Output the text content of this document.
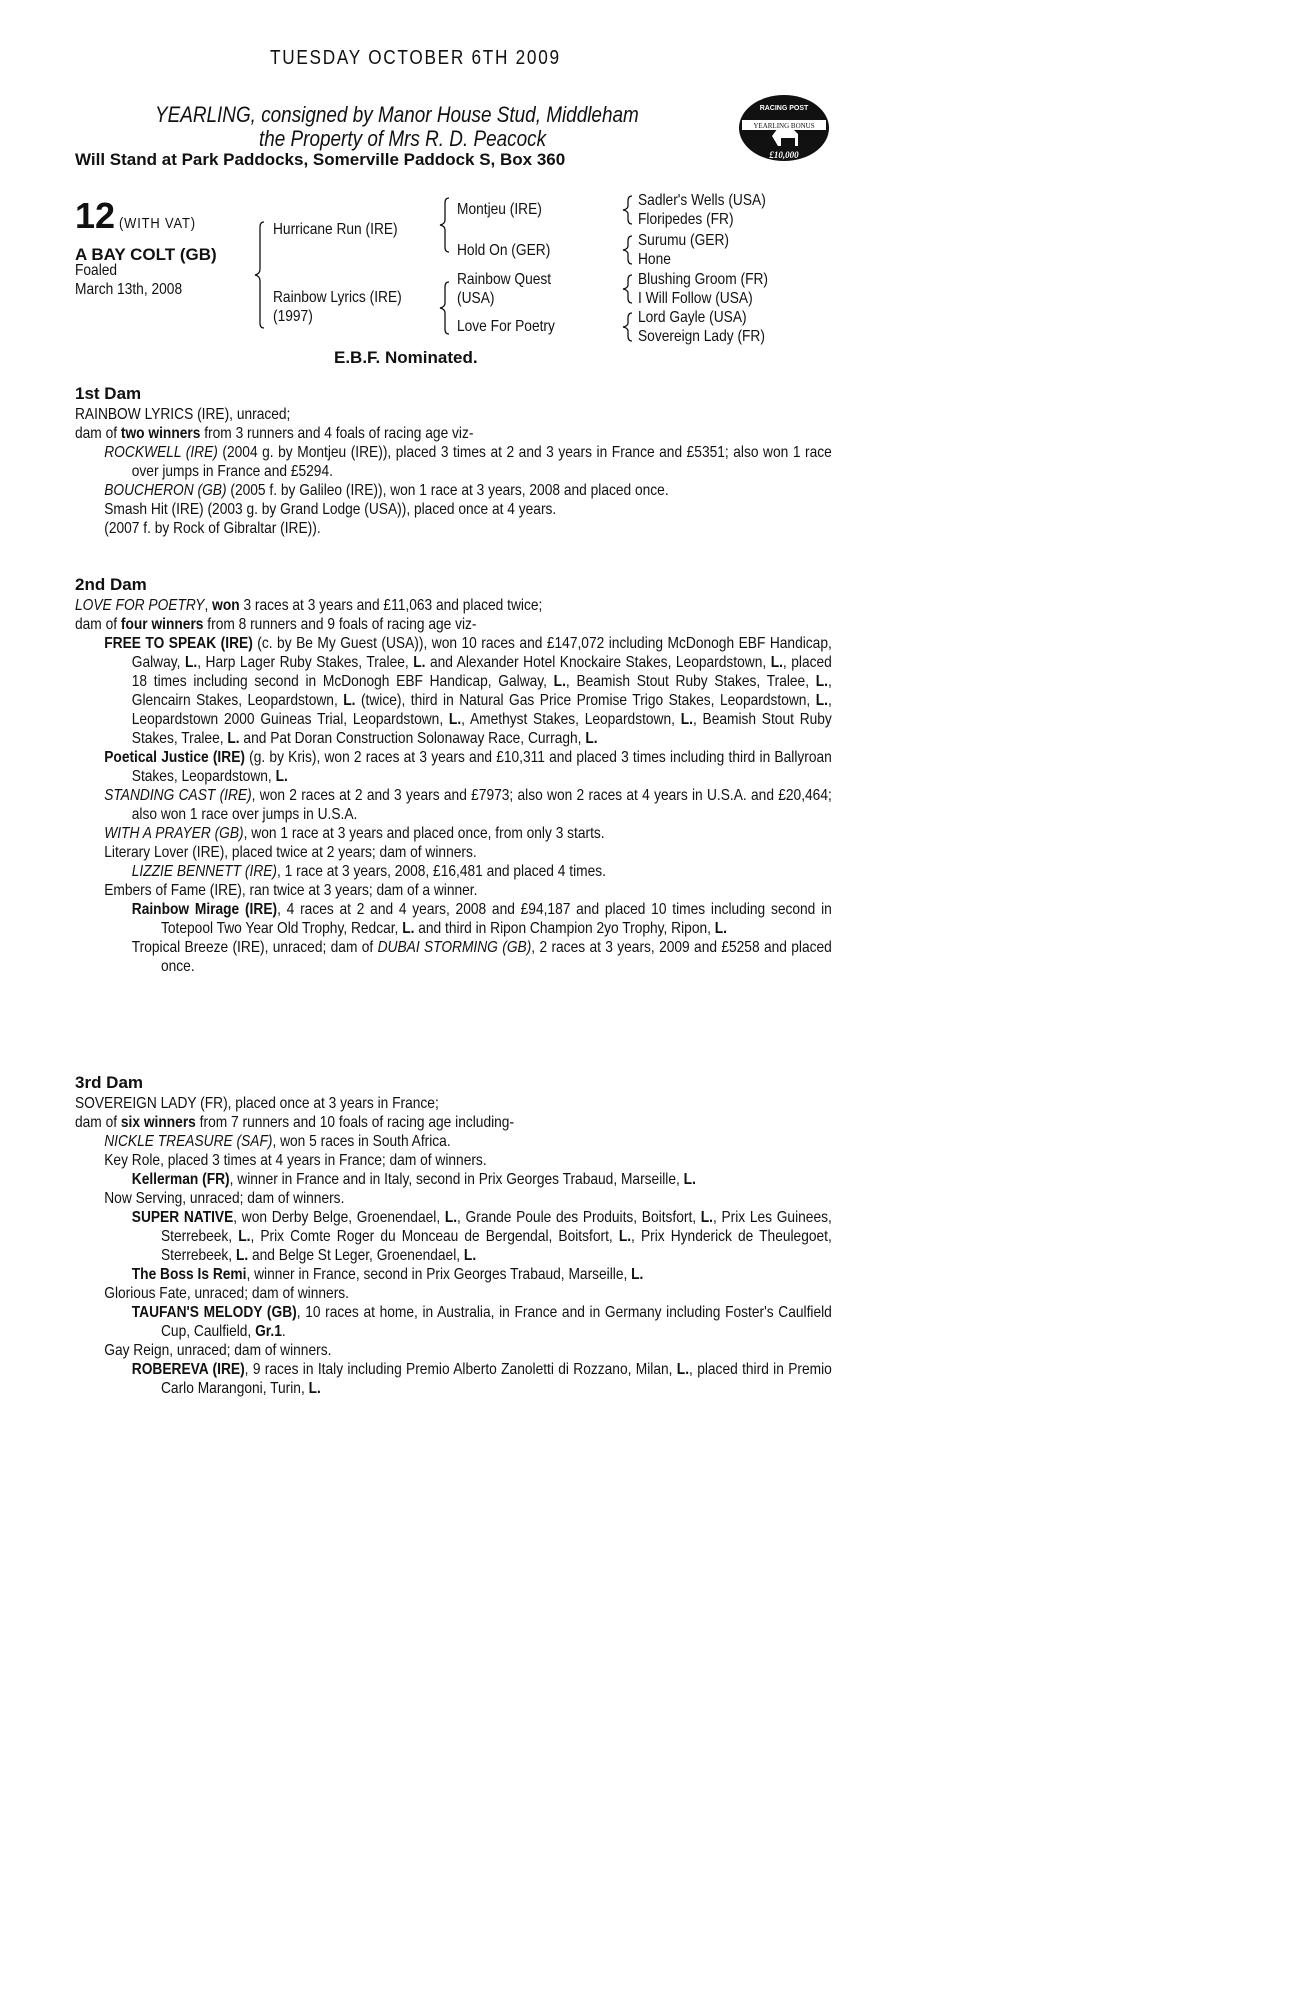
TUESDAY OCTOBER 6TH 2009
YEARLING, consigned by Manor House Stud, Middleham
the Property of Mrs R. D. Peacock
Will Stand at Park Paddocks, Somerville Paddock S, Box 360
RACING POST
YEARLING BONUS
£10,000
12 (WITH VAT)
A BAY COLT (GB)
Foaled
March 13th, 2008
Hurricane Run (IRE)
Rainbow Lyrics (IRE)
(1997)
Montjeu (IRE)
Hold On (GER)
Rainbow Quest
(USA)
Love For Poetry
Sadler's Wells (USA)
Floripedes (FR)
Surumu (GER)
Hone
Blushing Groom (FR)
I Will Follow (USA)
Lord Gayle (USA)
Sovereign Lady (FR)
E.B.F. Nominated.
1st Dam
RAINBOW LYRICS (IRE), unraced;
dam of two winners from 3 runners and 4 foals of racing age viz-
ROCKWELL (IRE) (2004 g. by Montjeu (IRE)), placed 3 times at 2 and 3 years in France and £5351; also won 1 race over jumps in France and £5294.
BOUCHERON (GB) (2005 f. by Galileo (IRE)), won 1 race at 3 years, 2008 and placed once.
Smash Hit (IRE) (2003 g. by Grand Lodge (USA)), placed once at 4 years.
(2007 f. by Rock of Gibraltar (IRE)).
2nd Dam
LOVE FOR POETRY, won 3 races at 3 years and £11,063 and placed twice;
dam of four winners from 8 runners and 9 foals of racing age viz-
FREE TO SPEAK (IRE) (c. by Be My Guest (USA)), won 10 races and £147,072 including McDonogh EBF Handicap, Galway, L., Harp Lager Ruby Stakes, Tralee, L. and Alexander Hotel Knockaire Stakes, Leopardstown, L., placed 18 times including second in McDonogh EBF Handicap, Galway, L., Beamish Stout Ruby Stakes, Tralee, L., Glencairn Stakes, Leopardstown, L. (twice), third in Natural Gas Price Promise Trigo Stakes, Leopardstown, L., Leopardstown 2000 Guineas Trial, Leopardstown, L., Amethyst Stakes, Leopardstown, L., Beamish Stout Ruby Stakes, Tralee, L. and Pat Doran Construction Solonaway Race, Curragh, L.
Poetical Justice (IRE) (g. by Kris), won 2 races at 3 years and £10,311 and placed 3 times including third in Ballyroan Stakes, Leopardstown, L.
STANDING CAST (IRE), won 2 races at 2 and 3 years and £7973; also won 2 races at 4 years in U.S.A. and £20,464; also won 1 race over jumps in U.S.A.
WITH A PRAYER (GB), won 1 race at 3 years and placed once, from only 3 starts.
Literary Lover (IRE), placed twice at 2 years; dam of winners.
LIZZIE BENNETT (IRE), 1 race at 3 years, 2008, £16,481 and placed 4 times.
Embers of Fame (IRE), ran twice at 3 years; dam of a winner.
Rainbow Mirage (IRE), 4 races at 2 and 4 years, 2008 and £94,187 and placed 10 times including second in Totepool Two Year Old Trophy, Redcar, L. and third in Ripon Champion 2yo Trophy, Ripon, L.
Tropical Breeze (IRE), unraced; dam of DUBAI STORMING (GB), 2 races at 3 years, 2009 and £5258 and placed once.
3rd Dam
SOVEREIGN LADY (FR), placed once at 3 years in France;
dam of six winners from 7 runners and 10 foals of racing age including-
NICKLE TREASURE (SAF), won 5 races in South Africa.
Key Role, placed 3 times at 4 years in France; dam of winners.
Kellerman (FR), winner in France and in Italy, second in Prix Georges Trabaud, Marseille, L.
Now Serving, unraced; dam of winners.
SUPER NATIVE, won Derby Belge, Groenendael, L., Grande Poule des Produits, Boitsfort, L., Prix Les Guinees, Sterrebeek, L., Prix Comte Roger du Monceau de Bergendal, Boitsfort, L., Prix Hynderick de Theulegoet, Sterrebeek, L. and Belge St Leger, Groenendael, L.
The Boss Is Remi, winner in France, second in Prix Georges Trabaud, Marseille, L.
Glorious Fate, unraced; dam of winners.
TAUFAN'S MELODY (GB), 10 races at home, in Australia, in France and in Germany including Foster's Caulfield Cup, Caulfield, Gr.1.
Gay Reign, unraced; dam of winners.
ROBEREVA (IRE), 9 races in Italy including Premio Alberto Zanoletti di Rozzano, Milan, L., placed third in Premio Carlo Marangoni, Turin, L.
